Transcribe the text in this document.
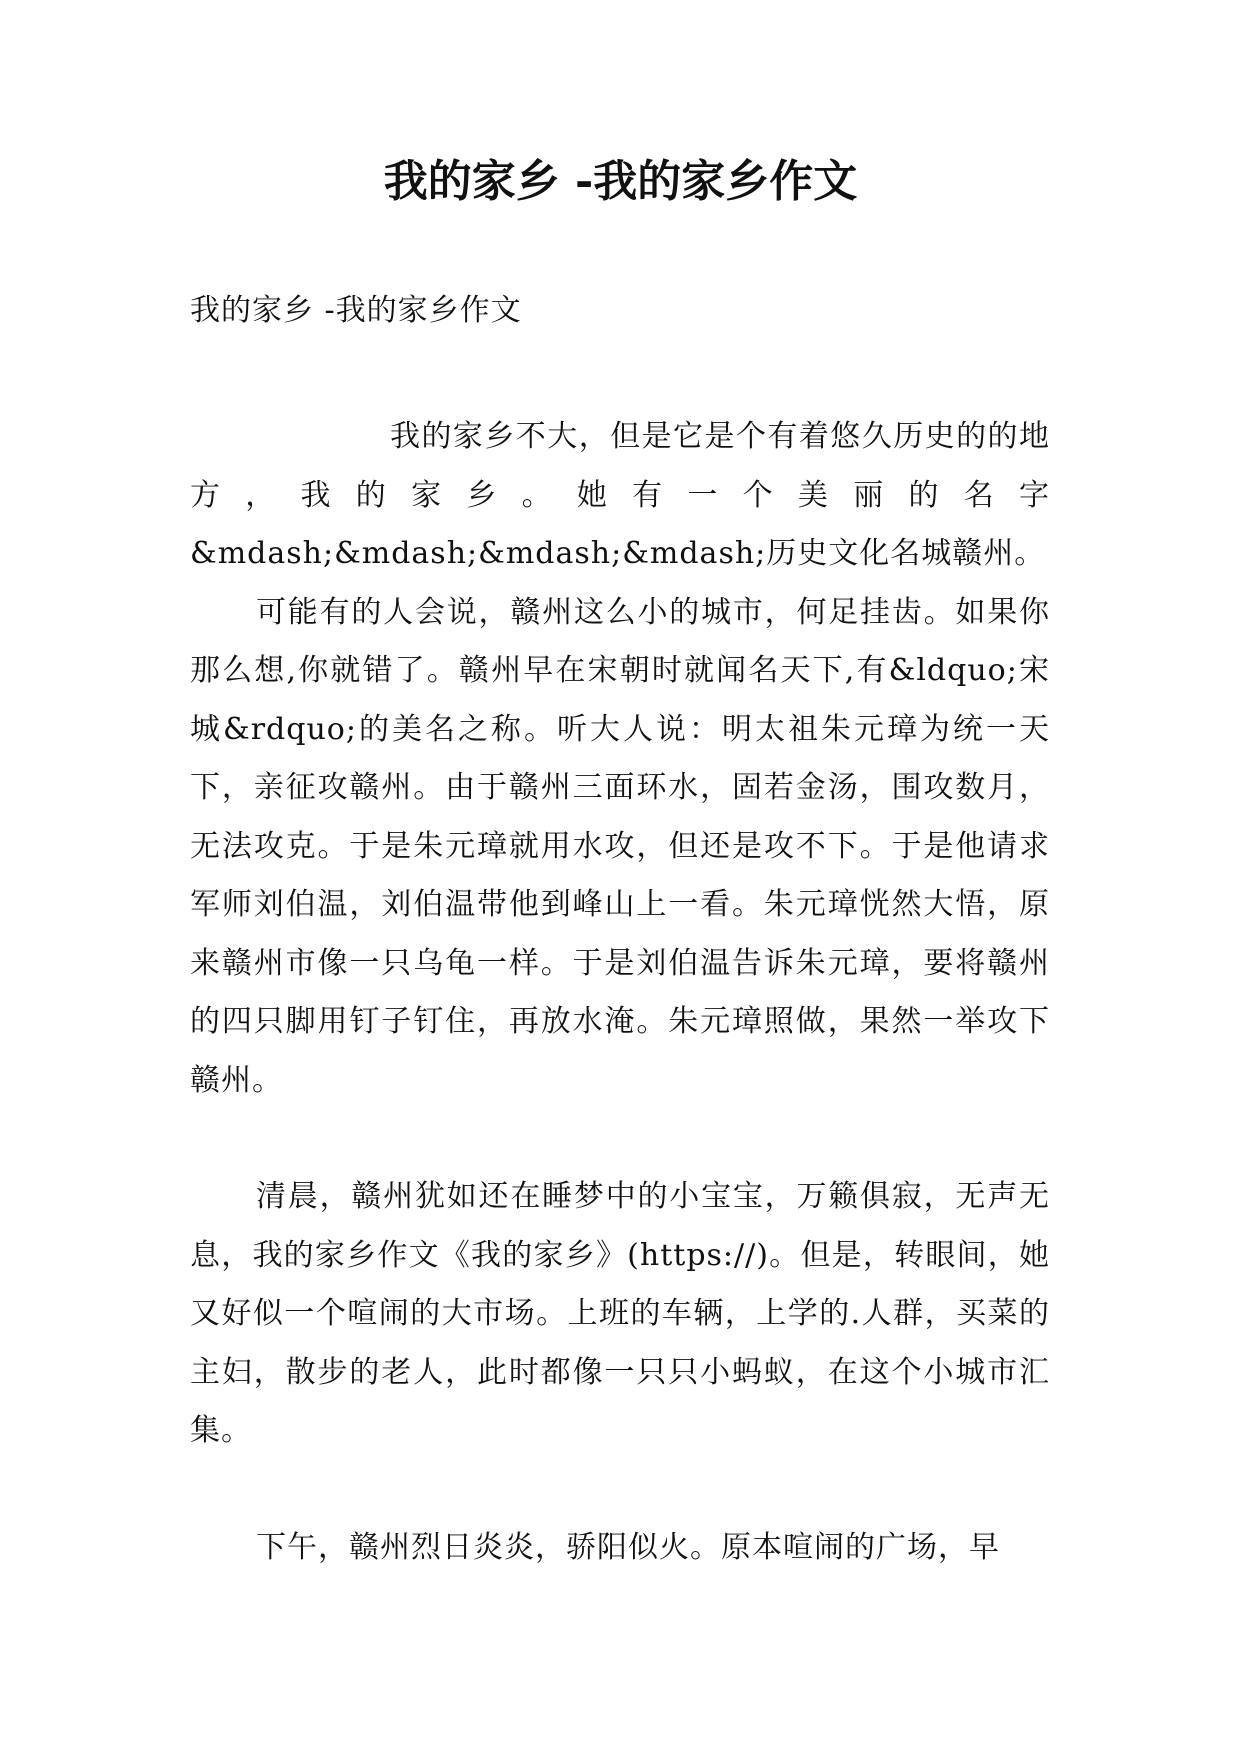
我的家乡 -我的家乡作文

我的家乡 -我的家乡作文

我的家乡不大，但是它是个有着悠久历史的的地方，我的家乡。她有一个美丽的名字&mdash;&mdash;&mdash;&mdash;历史文化名城赣州。

可能有的人会说，赣州这么小的城市，何足挂齿。如果你那么想,你就错了。赣州早在宋朝时就闻名天下,有&ldquo;宋城&rdquo;的美名之称。听大人说：明太祖朱元璋为统一天下，亲征攻赣州。由于赣州三面环水，固若金汤，围攻数月，无法攻克。于是朱元璋就用水攻，但还是攻不下。于是他请求军师刘伯温，刘伯温带他到峰山上一看。朱元璋恍然大悟，原来赣州市像一只乌龟一样。于是刘伯温告诉朱元璋，要将赣州的四只脚用钉子钉住，再放水淹。朱元璋照做，果然一举攻下赣州。

清晨，赣州犹如还在睡梦中的小宝宝，万籁俱寂，无声无息，我的家乡作文《我的家乡》(https://)。但是，转眼间，她又好似一个喧闹的大市场。上班的车辆，上学的.人群，买菜的主妇，散步的老人，此时都像一只只小蚂蚁，在这个小城市汇集。

下午，赣州烈日炎炎，骄阳似火。原本喧闹的广场，早
